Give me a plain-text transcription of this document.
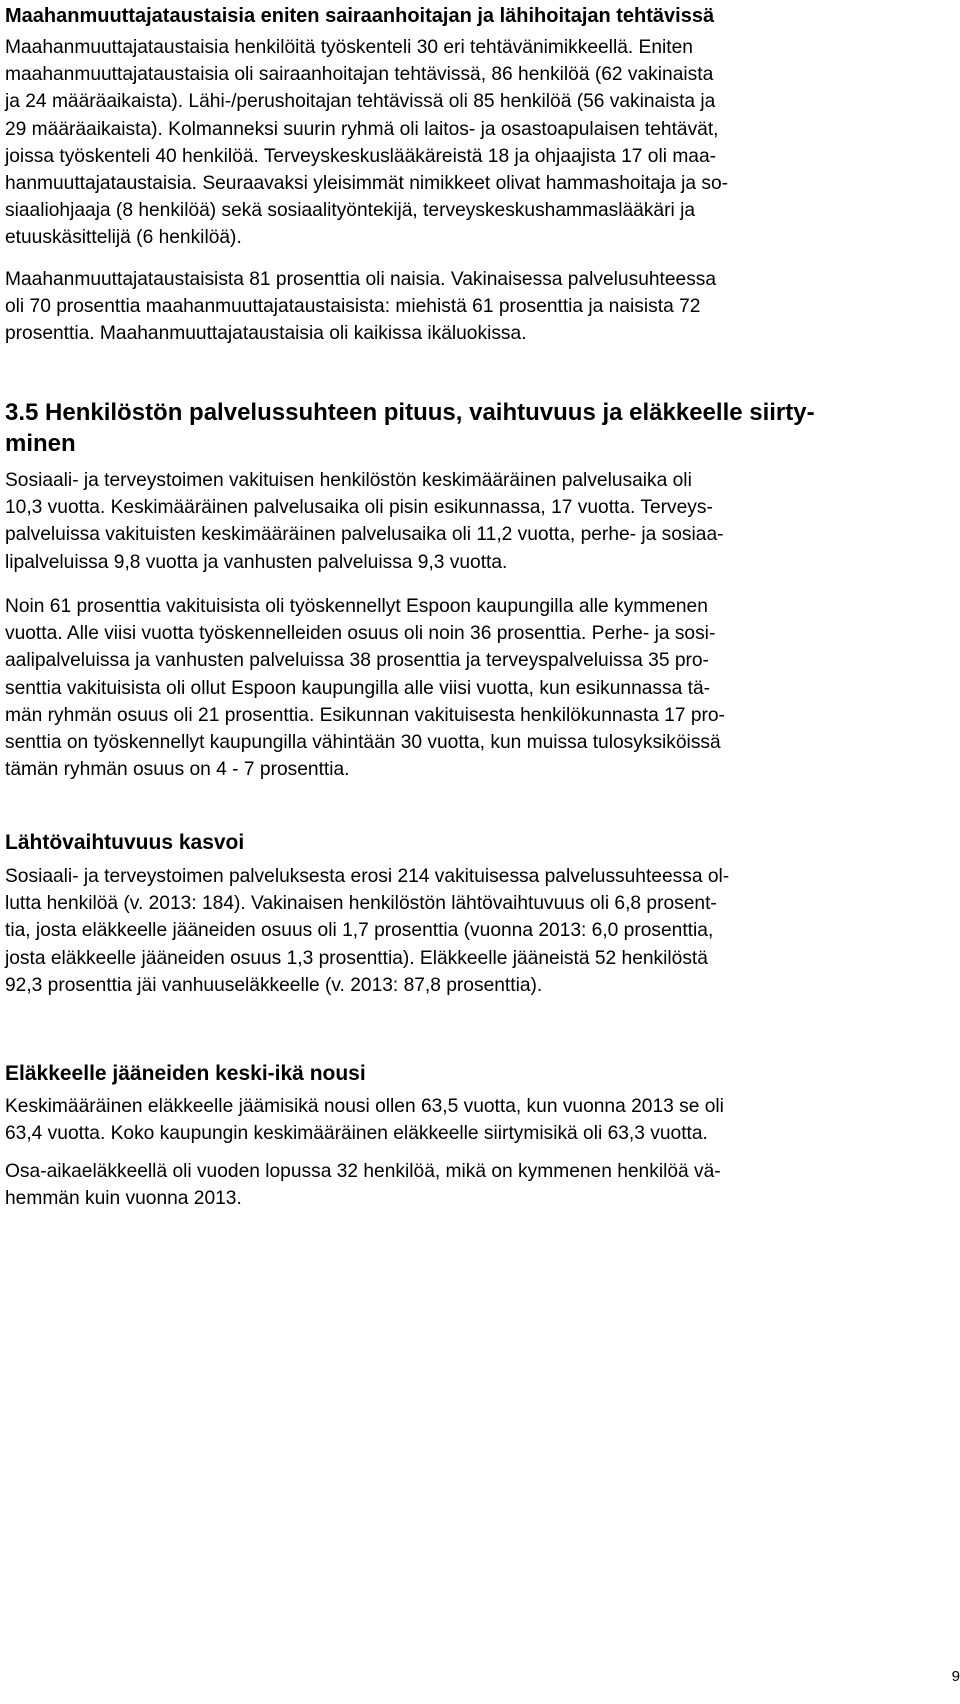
Maahanmuuttajataustaisia eniten sairaanhoitajan ja lähihoitajan tehtävissä
Maahanmuuttajataustaisia henkilöitä työskenteli 30 eri tehtävänimikkeellä. Eniten
maahanmuuttajataustaisia oli sairaanhoitajan tehtävissä, 86 henkilöä (62 vakinaista
ja 24 määräaikaista). Lähi-/perushoitajan tehtävissä oli 85 henkilöä (56 vakinaista ja
29 määräaikaista). Kolmanneksi suurin ryhmä oli laitos- ja osastoapulaisen tehtävät,
joissa työskenteli 40 henkilöä. Terveyskeskuslääkäreistä 18 ja ohjaajista 17 oli maa-
hanmuuttajataustaisia. Seuraavaksi yleisimmät nimikkeet olivat hammashoitaja ja so-
siaaliohjaaja (8 henkilöä) sekä sosiaalityöntekijä, terveyskeskushammaslääkäri ja
etuuskäsittelijä (6 henkilöä).
Maahanmuuttajataustaisista 81 prosenttia oli naisia. Vakinaisessa palvelusuhteessa
oli 70 prosenttia maahanmuuttajataustaisista: miehistä 61 prosenttia ja naisista 72
prosenttia. Maahanmuuttajataustaisia oli kaikissa ikäluokissa.
3.5 Henkilöstön palvelussuhteen pituus, vaihtuvuus ja eläkkeelle siirty-
minen
Sosiaali- ja terveystoimen vakituisen henkilöstön keskimääräinen palvelusaika oli
10,3 vuotta. Keskimääräinen palvelusaika oli pisin esikunnassa, 17 vuotta. Terveys-
palveluissa vakituisten keskimääräinen palvelusaika oli 11,2 vuotta, perhe- ja sosiaa-
lipalveluissa 9,8 vuotta ja vanhusten palveluissa 9,3 vuotta.
Noin 61 prosenttia vakituisista oli työskennellyt Espoon kaupungilla alle kymmenen
vuotta. Alle viisi vuotta työskennelleiden osuus oli noin 36 prosenttia. Perhe- ja sosi-
aalipalveluissa ja vanhusten palveluissa 38 prosenttia ja terveyspalveluissa 35 pro-
senttia vakituisista oli ollut Espoon kaupungilla alle viisi vuotta, kun esikunnassa tä-
män ryhmän osuus oli 21 prosenttia. Esikunnan vakituisesta henkilökunnasta 17 pro-
senttia on työskennellyt kaupungilla vähintään 30 vuotta, kun muissa tulosyksiköissä
tämän ryhmän osuus on 4 - 7 prosenttia.
Lähtövaihtuvuus kasvoi
Sosiaali- ja terveystoimen palveluksesta erosi 214 vakituisessa palvelussuhteessa ol-
lutta henkilöä (v. 2013: 184). Vakinaisen henkilöstön lähtövaihtuvuus oli 6,8 prosent-
tia, josta eläkkeelle jääneiden osuus oli 1,7 prosenttia (vuonna 2013: 6,0 prosenttia,
josta eläkkeelle jääneiden osuus 1,3 prosenttia). Eläkkeelle jääneistä 52 henkilöstä
92,3 prosenttia jäi vanhuuseläkkeelle (v. 2013: 87,8 prosenttia).
Eläkkeelle jääneiden keski-ikä nousi
Keskimääräinen eläkkeelle jäämisikä nousi ollen 63,5 vuotta, kun vuonna 2013 se oli
63,4 vuotta. Koko kaupungin keskimääräinen eläkkeelle siirtymisikä oli 63,3 vuotta.
Osa-aikaeläkkeellä oli vuoden lopussa 32 henkilöä, mikä on kymmenen henkilöä vä-
hemmän kuin vuonna 2013.
9
